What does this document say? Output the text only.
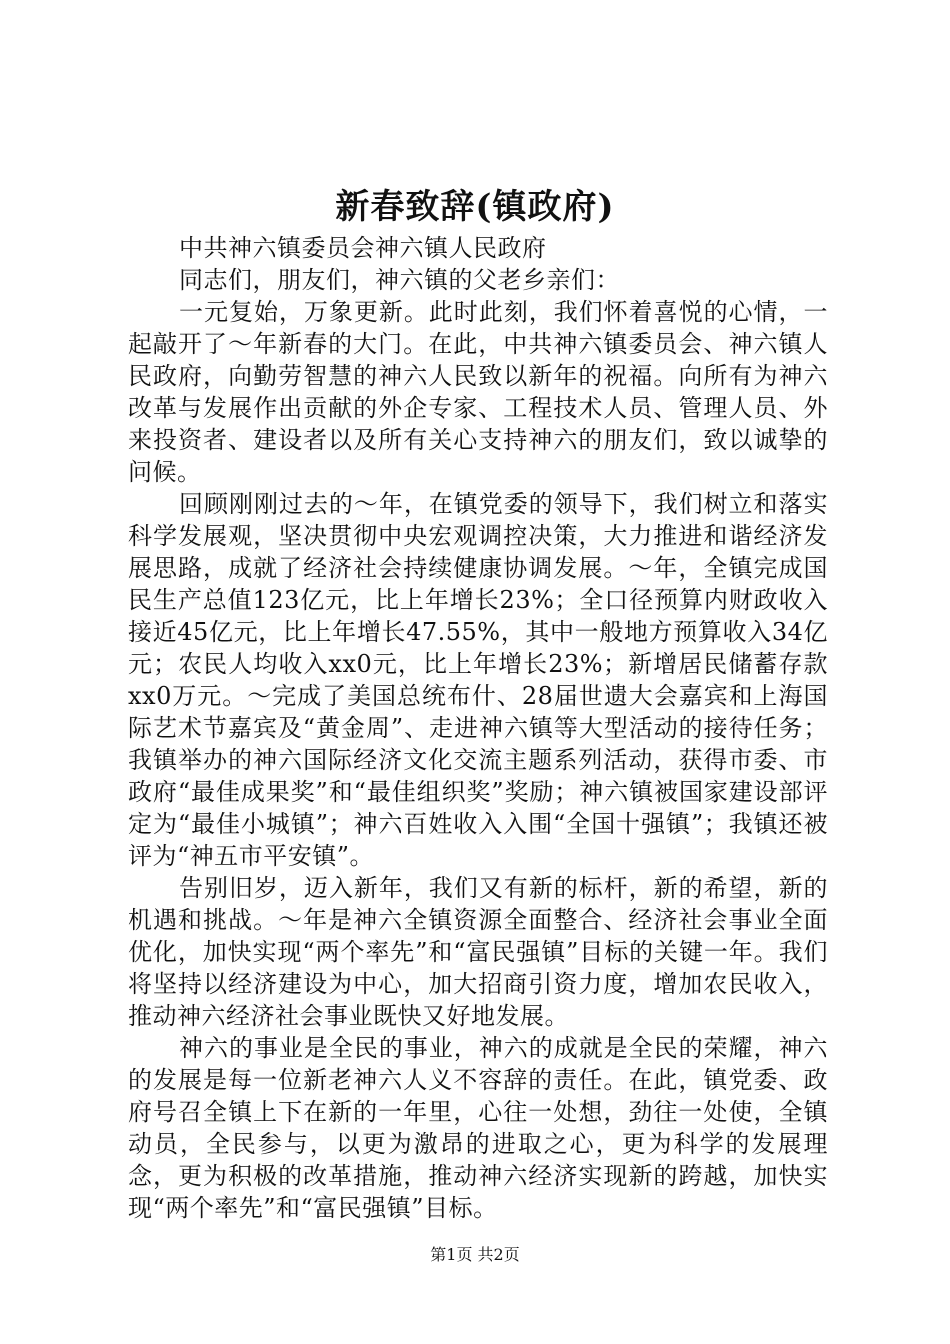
新春致辞(镇政府)

中共神六镇委员会神六镇人民政府

同志们，朋友们，神六镇的父老乡亲们：

一元复始，万象更新。此时此刻，我们怀着喜悦的心情，一起敲开了～年新春的大门。在此，中共神六镇委员会、神六镇人民政府，向勤劳智慧的神六人民致以新年的祝福。向所有为神六改革与发展作出贡献的外企专家、工程技术人员、管理人员、外来投资者、建设者以及所有关心支持神六的朋友们，致以诚挚的问候。

回顾刚刚过去的～年，在镇党委的领导下，我们树立和落实科学发展观，坚决贯彻中央宏观调控决策，大力推进和谐经济发展思路，成就了经济社会持续健康协调发展。～年，全镇完成国民生产总值123亿元，比上年增长23%；全口径预算内财政收入接近45亿元，比上年增长47.55%，其中一般地方预算收入34亿元；农民人均收入xx0元，比上年增长23%；新增居民储蓄存款xx0万元。～完成了美国总统布什、28届世遗大会嘉宾和上海国际艺术节嘉宾及“黄金周”、走进神六镇等大型活动的接待任务；我镇举办的神六国际经济文化交流主题系列活动，获得市委、市政府“最佳成果奖”和“最佳组织奖”奖励；神六镇被国家建设部评定为“最佳小城镇”；神六百姓收入入围“全国十强镇”；我镇还被评为“神五市平安镇”。

告别旧岁，迈入新年，我们又有新的标杆，新的希望，新的机遇和挑战。～年是神六全镇资源全面整合、经济社会事业全面优化，加快实现“两个率先”和“富民强镇”目标的关键一年。我们将坚持以经济建设为中心，加大招商引资力度，增加农民收入，推动神六经济社会事业既快又好地发展。

神六的事业是全民的事业，神六的成就是全民的荣耀，神六的发展是每一位新老神六人义不容辞的责任。在此，镇党委、政府号召全镇上下在新的一年里，心往一处想，劲往一处使，全镇动员，全民参与，以更为激昂的进取之心，更为科学的发展理念，更为积极的改革措施，推动神六经济实现新的跨越，加快实现“两个率先”和“富民强镇”目标。

第1页 共2页
